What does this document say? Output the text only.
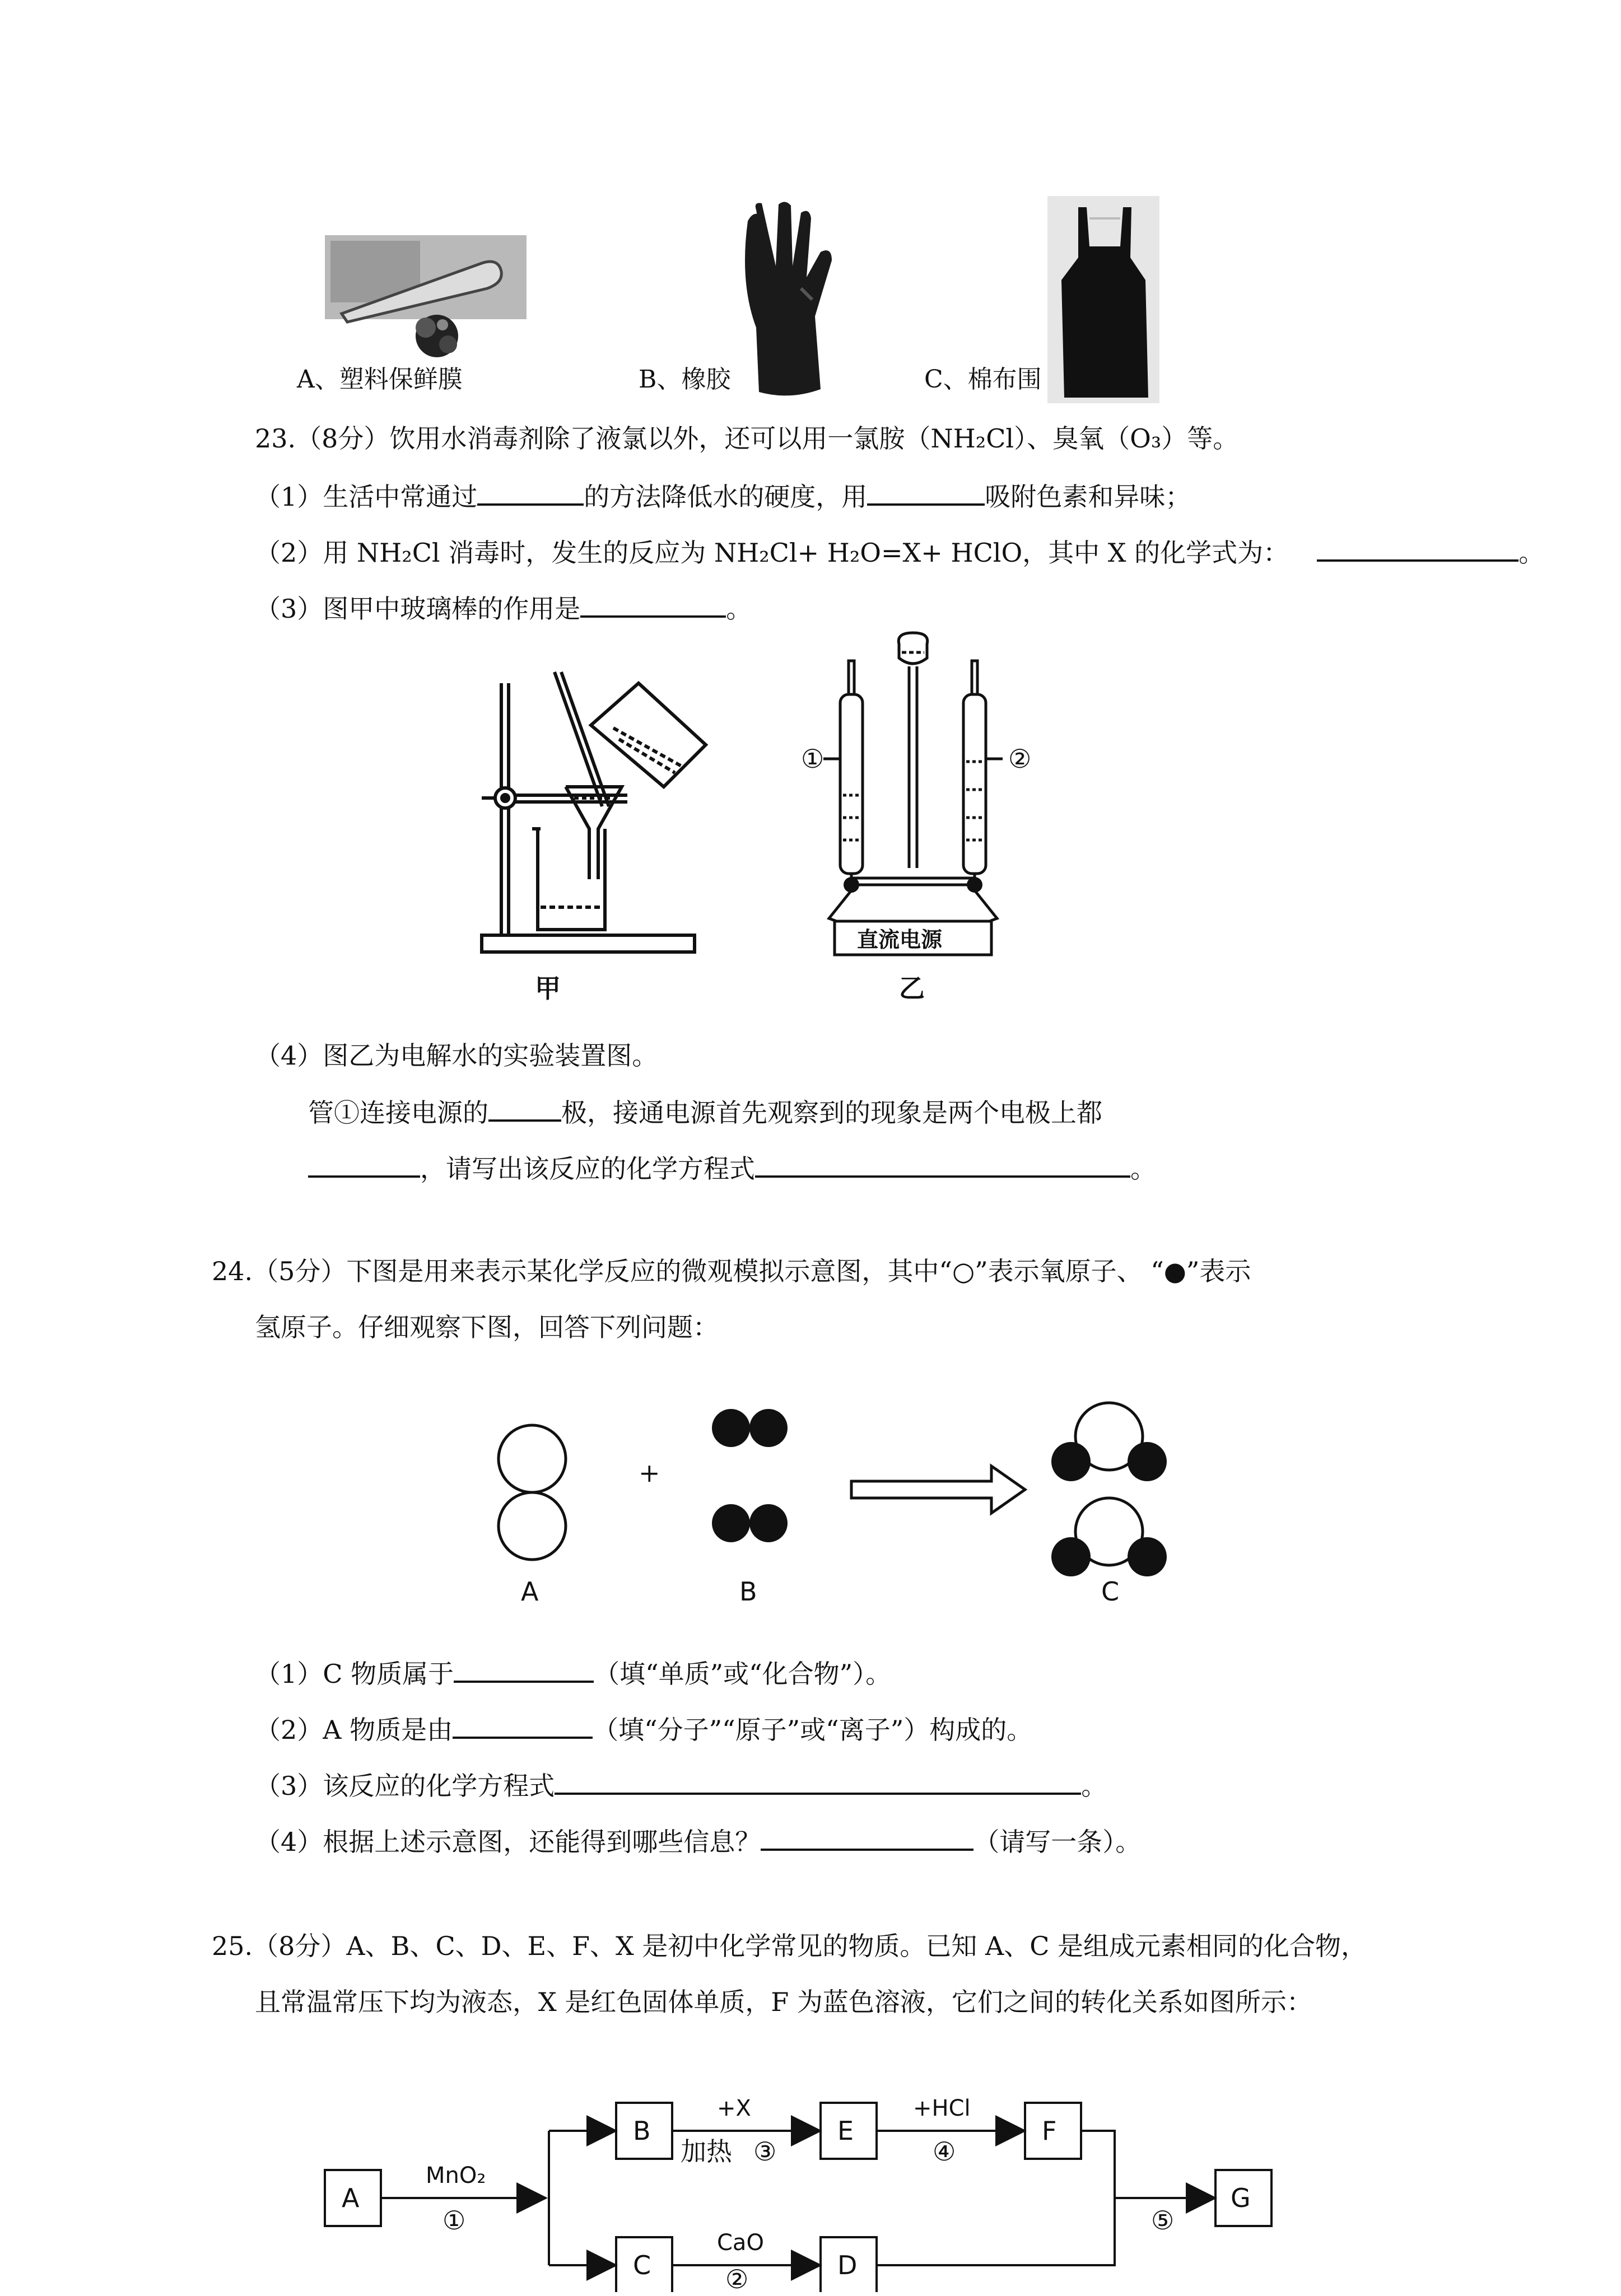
A、塑料保鲜膜	B、橡胶	C、棉布围
23.（8分）饮用水消毒剂除了液氯以外，还可以用一氯胺（NH₂Cl）、臭氧（O₃）等。
（1）生活中常通过	的方法降低水的硬度，用	吸附色素和异味；
（2）用 NH₂Cl 消毒时，发生的反应为 NH₂Cl+ H₂O=X+ HClO，其中 X 的化学式为：	。
（3）图甲中玻璃棒的作用是	。
甲
①	②
直流电源
乙
（4）图乙为电解水的实验装置图。
管①连接电源的	极，接通电源首先观察到的现象是两个电极上都
，请写出该反应的化学方程式	。
24.（5分）下图是用来表示某化学反应的微观模拟示意图，其中“○”表示氧原子、 “●”表示
氢原子。仔细观察下图，回答下列问题：
+
A	B	C
（1）C 物质属于	（填“单质”或“化合物”）。
（2）A 物质是由	（填“分子”“原子”或“离子”）构成的。
（3）该反应的化学方程式	。
（4）根据上述示意图，还能得到哪些信息？	（请写一条）。
25.（8分）A、B、C、D、E、F、X 是初中化学常见的物质。已知 A、C 是组成元素相同的化合物，
且常温常压下均为液态，X 是红色固体单质，F 为蓝色溶液，它们之间的转化关系如图所示：
A
B	E	F
C	D
G
MnO₂
①
+X
加热 ③
+HCl
④
CaO
②
⑤
